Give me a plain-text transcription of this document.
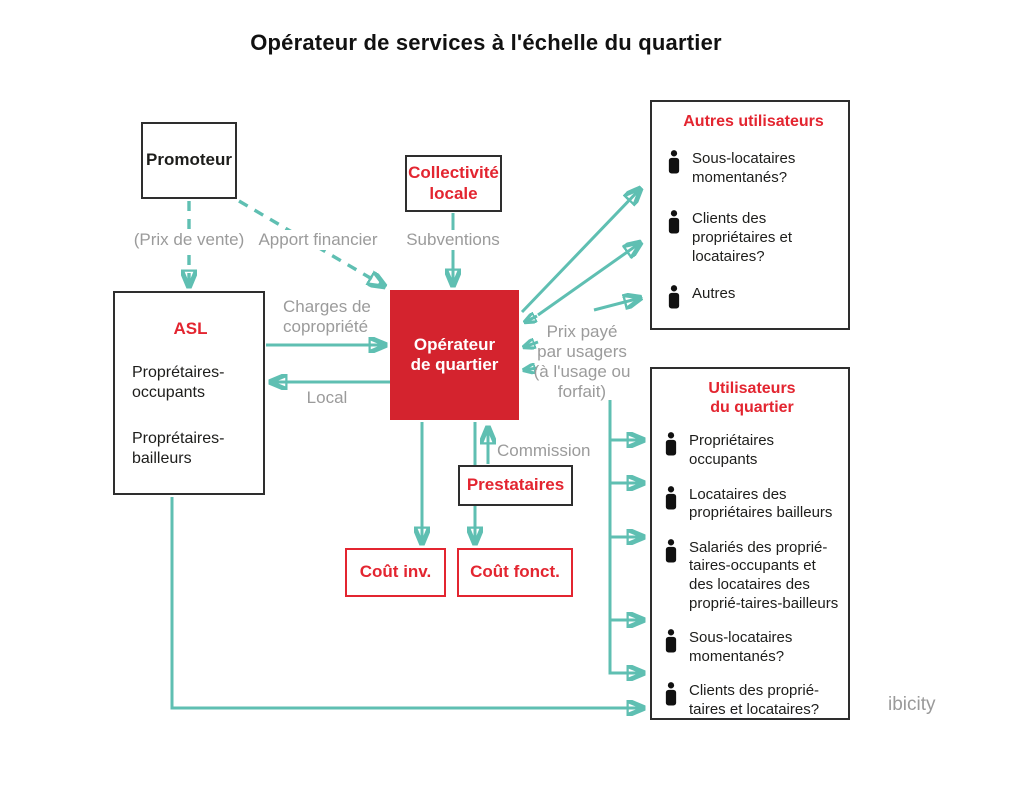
Opérateur de services à l'échelle du quartier
Promoteur
Collectivité
locale
ASL
Proprétaires-occupants
Proprétaires-bailleurs
Opérateur
de quartier
Prestataires
Coût inv. Coût fonct.
(Prix de vente) Apport financier	Subventions
Charges de
copropriété
Local
Prix payé
par usagers
(à l'usage ou
forfait)
Commission
Autres utilisateurs
Sous-locataires momentanés?
Clients des propriétaires et locataires?
Autres
Utilisateurs
du quartier
Propriétaires occupants
Locataires des propriétaires bailleurs
Salariés des proprié-taires-occupants et des locataires des proprié-taires-bailleurs
Sous-locataires momentanés?
Clients des proprié-taires et locataires?	ibicity
